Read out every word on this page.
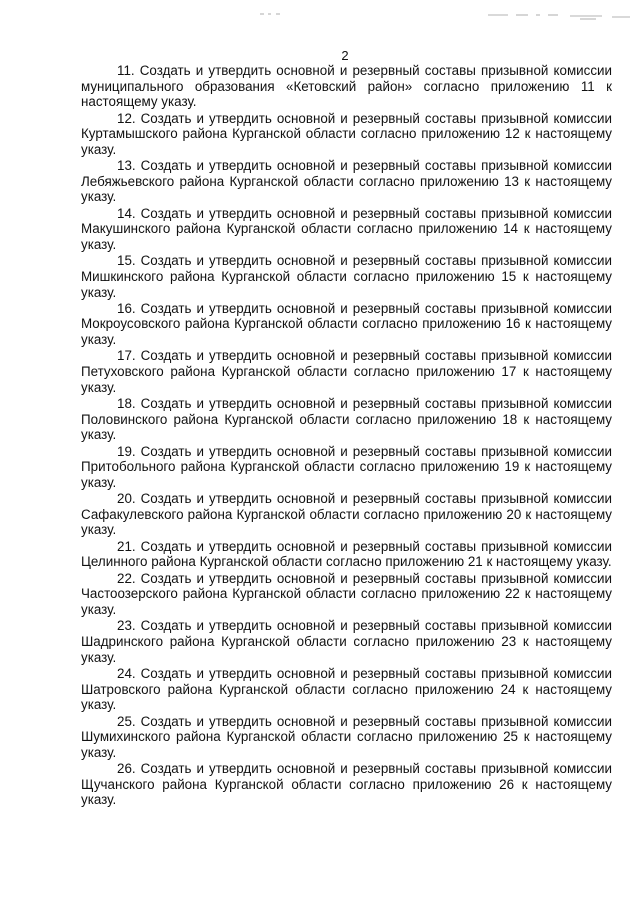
2

11. Создать и утвердить основной и резервный составы призывной комиссии муниципального образования «Кетовский район» согласно приложению 11 к настоящему указу.

12. Создать и утвердить основной и резервный составы призывной комиссии Куртамышского района Курганской области согласно приложению 12 к настоящему указу.

13. Создать и утвердить основной и резервный составы призывной комиссии Лебяжьевского района Курганской области согласно приложению 13 к настоящему указу.

14. Создать и утвердить основной и резервный составы призывной комиссии Макушинского района Курганской области согласно приложению 14 к настоящему указу.

15. Создать и утвердить основной и резервный составы призывной комиссии Мишкинского района Курганской области согласно приложению 15 к настоящему указу.

16. Создать и утвердить основной и резервный составы призывной комиссии Мокроусовского района Курганской области согласно приложению 16 к настоящему указу.

17. Создать и утвердить основной и резервный составы призывной комиссии Петуховского района Курганской области согласно приложению 17 к настоящему указу.

18. Создать и утвердить основной и резервный составы призывной комиссии Половинского района Курганской области согласно приложению 18 к настоящему указу.

19. Создать и утвердить основной и резервный составы призывной комиссии Притобольного района Курганской области согласно приложению 19 к настоящему указу.

20. Создать и утвердить основной и резервный составы призывной комиссии Сафакулевского района Курганской области согласно приложению 20 к настоящему указу.

21. Создать и утвердить основной и резервный составы призывной комиссии Целинного района Курганской области согласно приложению 21 к настоящему указу.

22. Создать и утвердить основной и резервный составы призывной комиссии Частоозерского района Курганской области согласно приложению 22 к настоящему указу.

23. Создать и утвердить основной и резервный составы призывной комиссии Шадринского района Курганской области согласно приложению 23 к настоящему указу.

24. Создать и утвердить основной и резервный составы призывной комиссии Шатровского района Курганской области согласно приложению 24 к настоящему указу.

25. Создать и утвердить основной и резервный составы призывной комиссии Шумихинского района Курганской области согласно приложению 25 к настоящему указу.

26. Создать и утвердить основной и резервный составы призывной комиссии Щучанского района Курганской области согласно приложению 26 к настоящему указу.
